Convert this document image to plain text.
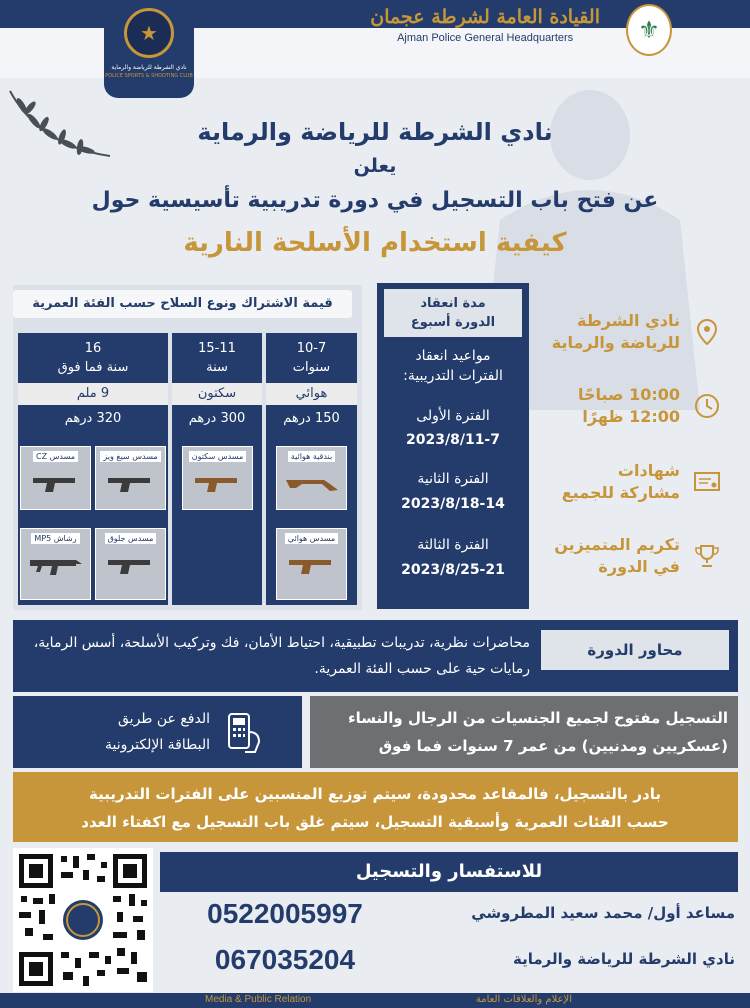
★
نادي الشرطة للرياضة والرماية
POLICE SPORTS & SHOOTING CLUB
القيادة العامة لشرطة عجمان
Ajman Police General Headquarters	⚜
نادي الشرطة للرياضة والرماية
يعلن
عن فتح باب التسجيل في دورة تدريبية تأسيسية حول
كيفية استخدام الأسلحة النارية
قيمة الاشتراك ونوع السلاح حسب الفئة العمرية
10-7
سنوات
هوائي
150 درهم
بندقية هوائية
مسدس هوائي
15-11
سنة
سكتون
300 درهم
مسدس سكتون
16
سنة فما فوق
9 ملم
320 درهم
مسدس سيغ ويز
مسدس CZ
مسدس جلوق
رشاش MP5
مدة انعقاد
الدورة أسبوع
مواعيد انعقاد
الفترات التدريبية:
الفترة الأولى
2023/8/11-7
الفترة الثانية
2023/8/18-14
الفترة الثالثة
2023/8/25-21
نادي الشرطة
للرياضة والرماية
10:00 صباحًا
12:00 ظهرًا
شهادات
مشاركة للجميع
تكريم المتميزين
في الدورة
محاور الدورة
محاضرات نظرية، تدريبات تطبيقية، احتياط الأمان، فك وتركيب الأسلحة، أسس الرماية، رمايات حية على حسب الفئة العمرية.
الدفع عن طريق
البطاقة الإلكترونية
التسجيل مفتوح لجميع الجنسيات من الرجال والنساء
(عسكريين ومدنيين) من عمر 7 سنوات فما فوق
بادر بالتسجيل، فالمقاعد محدودة، سيتم توزيع المنسبين على الفترات التدريبية
حسب الفئات العمرية وأسبقية التسجيل، سيتم غلق باب التسجيل مع اكفتاء العدد
للاستفسار والتسجيل
0522005997	مساعد أول/ محمد سعيد المطروشي
067035204	نادي الشرطة للرياضة والرماية
Media & Public Relation	الإعلام والعلاقات العامة
